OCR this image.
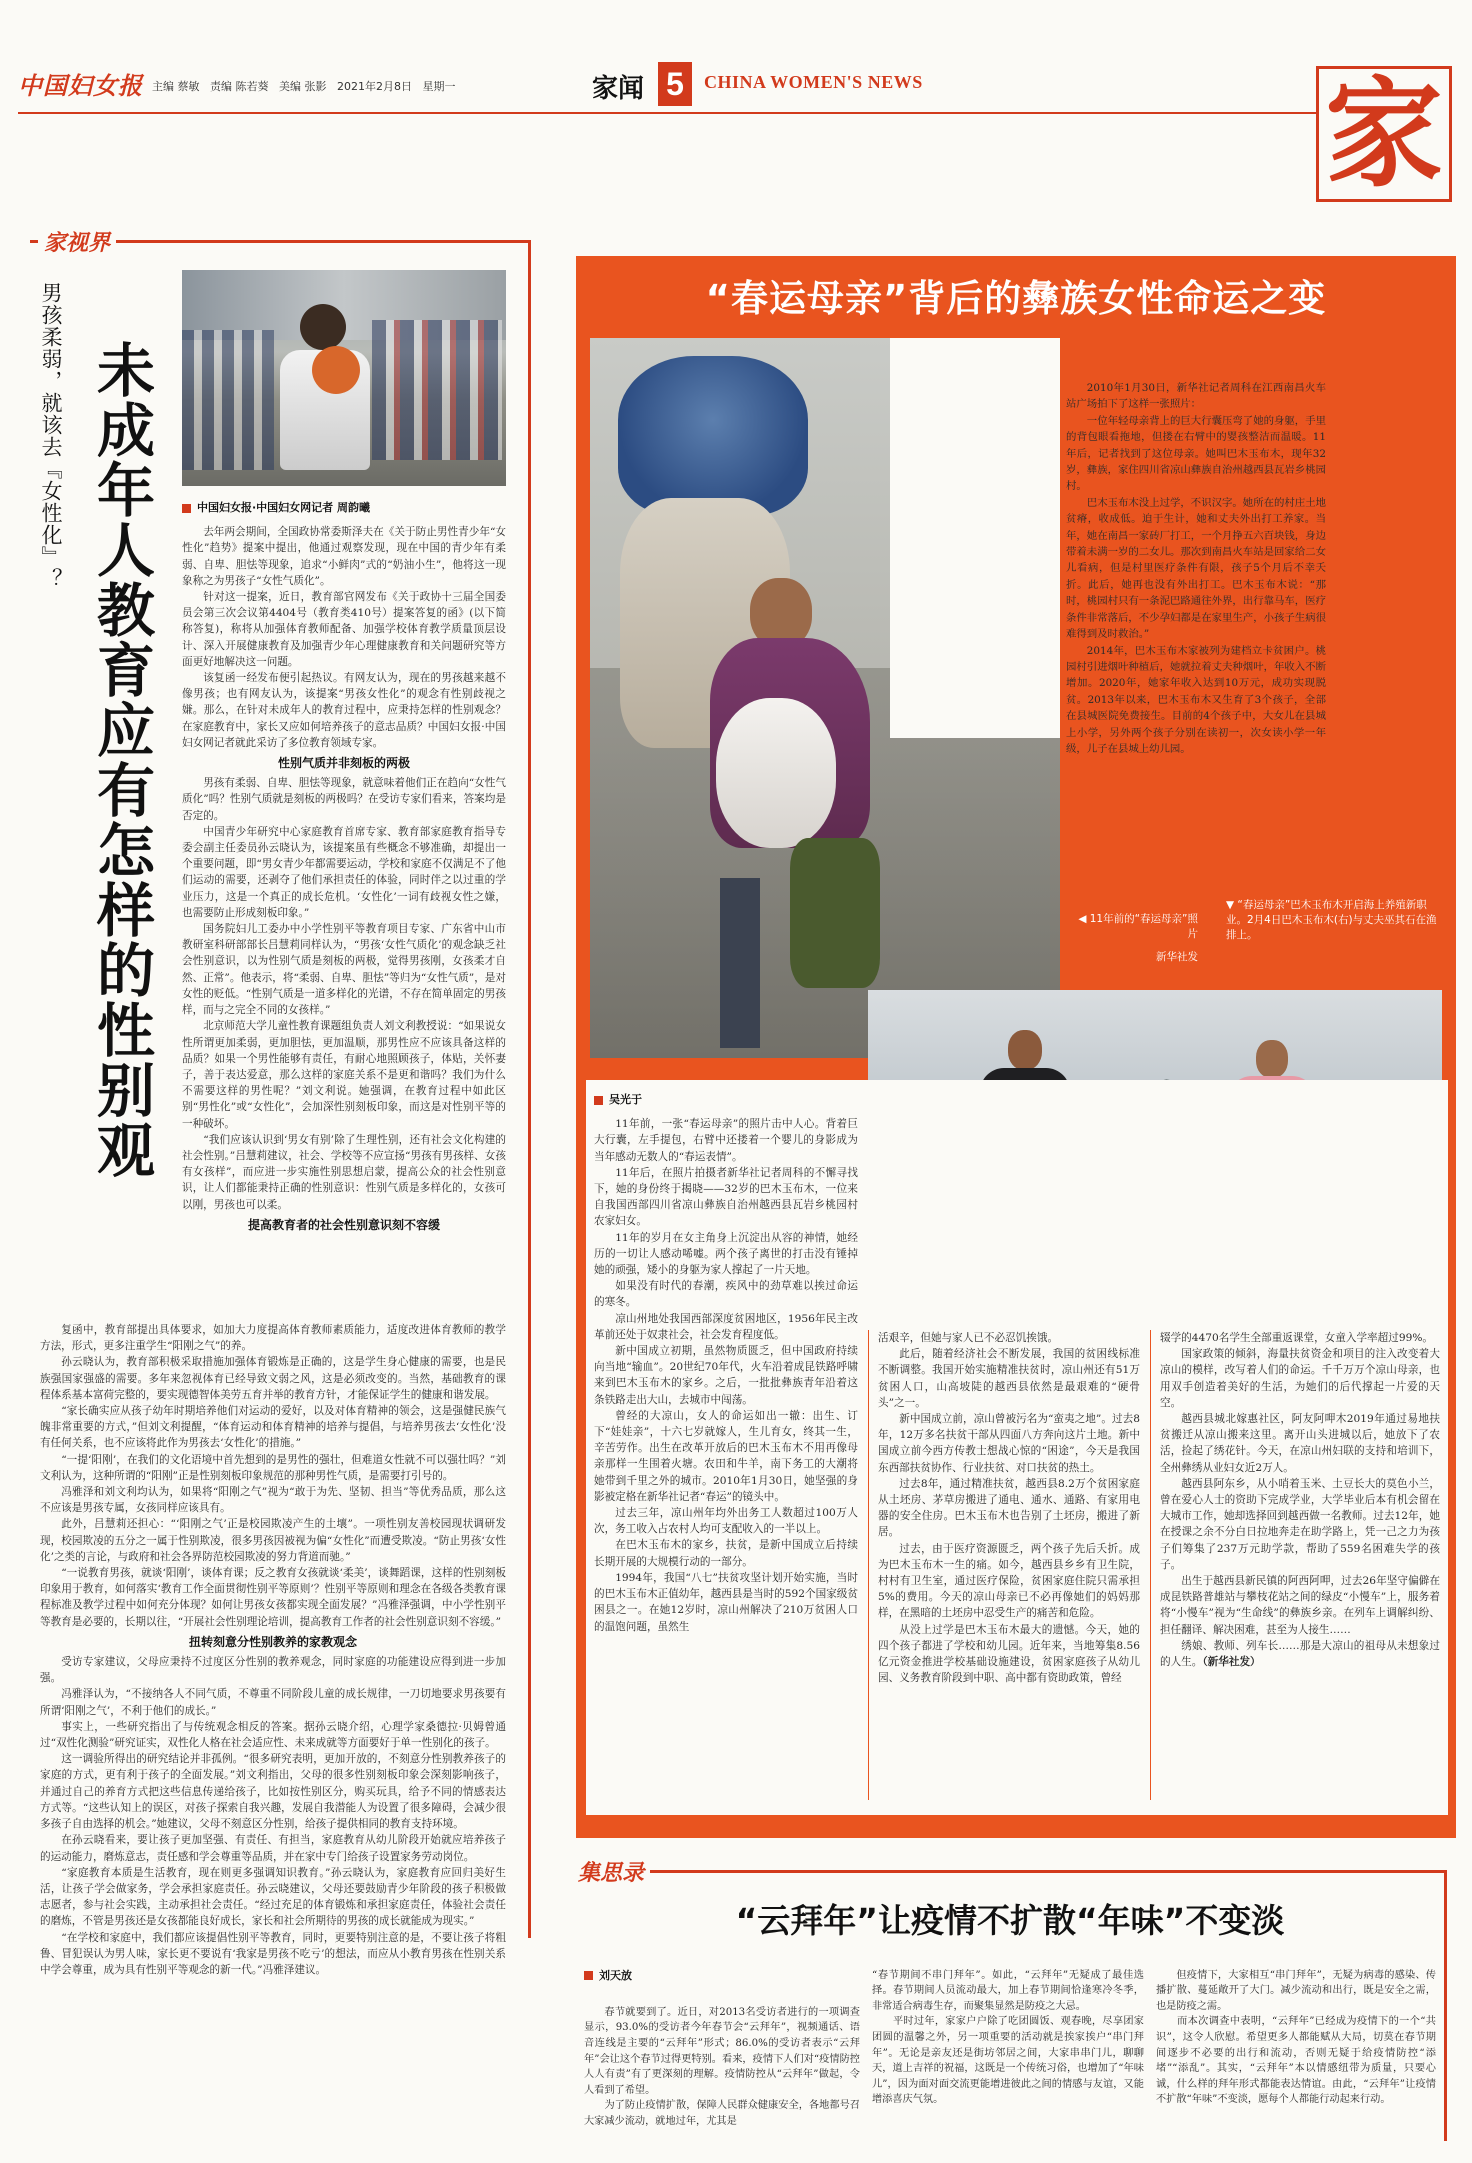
中国妇女报 主编 蔡敏   责编 陈若葵   美编 张影   2021年2月8日   星期一	家闻 5	CHINA WOMEN'S NEWS	家
家视界
男孩柔弱，就该去『女性化』？ 未成年人教育应有怎样的性别观	中国妇女报·中国妇女网记者 周韵曦

去年两会期间，全国政协常委斯泽夫在《关于防止男性青少年“女性化”趋势》提案中提出，他通过观察发现，现在中国的青少年有柔弱、自卑、胆怯等现象，追求“小鲜肉”式的“奶油小生”，他将这一现象称之为男孩子“女性气质化”。

针对这一提案，近日，教育部官网发布《关于政协十三届全国委员会第三次会议第4404号（教育类410号）提案答复的函》(以下简称答复)，称将从加强体育教师配备、加强学校体育教学质量顶层设计、深入开展健康教育及加强青少年心理健康教育和关问题研究等方面更好地解决这一问题。

该复函一经发布便引起热议。有网友认为，现在的男孩越来越不像男孩；也有网友认为，该提案“男孩女性化”的观念有性别歧视之嫌。那么，在针对未成年人的教育过程中，应秉持怎样的性别观念？在家庭教育中，家长又应如何培养孩子的意志品质？中国妇女报·中国妇女网记者就此采访了多位教育领域专家。

性别气质并非刻板的两极

男孩有柔弱、自卑、胆怯等现象，就意味着他们正在趋向“女性气质化”吗？性别气质就是刻板的两极吗？在受访专家们看来，答案均是否定的。

中国青少年研究中心家庭教育首席专家、教育部家庭教育指导专委会副主任委员孙云晓认为，该提案虽有些概念不够准确，却提出一个重要问题，即“男女青少年都需要运动，学校和家庭不仅满足不了他们运动的需要，还剥夺了他们承担责任的体验，同时伴之以过重的学业压力，这是一个真正的成长危机。‘女性化’一词有歧视女性之嫌，也需要防止形成刻板印象。”

国务院妇儿工委办中小学性别平等教育项目专家、广东省中山市教研室科研部部长吕慧莉同样认为，“男孩‘女性气质化’的观念缺乏社会性别意识，以为性别气质是刻板的两极，觉得男孩刚，女孩柔才自然、正常”。他表示，将“柔弱、自卑、胆怯”等归为“女性气质”，是对女性的贬低。“性别气质是一道多样化的光谱，不存在简单固定的男孩样，而与之完全不同的女孩样。”

北京师范大学儿童性教育课题组负责人刘文利教授说：“如果说女性所谓更加柔弱，更加胆怯，更加温顺，那男性应不应该具备这样的品质？如果一个男性能够有责任，有耐心地照顾孩子，体贴，关怀妻子，善于表达爱意，那么这样的家庭关系不是更和谐吗？我们为什么不需要这样的男性呢？”刘文利说。她强调，在教育过程中如此区别“男性化”或“女性化”，会加深性别刻板印象，而这是对性别平等的一种破坏。

“我们应该认识到‘男女有别’除了生理性别，还有社会文化构建的社会性别。”吕慧莉建议，社会、学校等不应宣扬“男孩有男孩样、女孩有女孩样”，而应进一步实施性别思想启蒙，提高公众的社会性别意识，让人们都能秉持正确的性别意识：性别气质是多样化的，女孩可以刚，男孩也可以柔。

提高教育者的社会性别意识刻不容缓

复函中，教育部提出具体要求，如加大力度提高体育教师素质能力，适度改进体育教师的教学方法，形式，更多注重学生“阳刚之气”的养。

孙云晓认为，教育部积极采取措施加强体育锻炼是正确的，这是学生身心健康的需要，也是民族强国家强盛的需要。多年来忽视体育已经导致文弱之风，这是必须改变的。当然，基础教育的课程体系基本富荷完整的，要实现德智体美劳五育并举的教育方针，才能保证学生的健康和谐发展。

“家长确实应从孩子幼年时期培养他们对运动的爱好，以及对体育精神的领会，这是强健民族气魄非常重要的方式，”但刘文利提醒，“体育运动和体育精神的培养与提倡，与培养男孩去‘女性化’没有任何关系，也不应该将此作为男孩去‘女性化’的措施。”

“一提‘阳刚’，在我们的文化语境中首先想到的是男性的强壮，但难道女性就不可以强壮吗？”刘文利认为，这种所谓的“阳刚”正是性别刻板印象规范的那种男性气质，是需要打引号的。

冯雅泽和刘文利均认为，如果将“阳刚之气”视为“敢于为先、坚韧、担当”等优秀品质，那么这不应该是男孩专属，女孩同样应该具有。

此外，吕慧莉还担心：“‘阳刚之气’正是校园欺凌产生的土壤”。一项性别友善校园现状调研发现，校园欺凌的五分之一属于性别欺凌，很多男孩因被视为偏“女性化”而遭受欺凌。“防止男孩‘女性化’之类的言论，与政府和社会各界防范校园欺凌的努力背道而驰。”

“一说教育男孩，就谈‘阳刚’，谈体育课；反之教育女孩就谈‘柔美’，谈舞蹈课，这样的性别刻板印象用于教育，如何落实‘教育工作全面贯彻性别平等原则’？性别平等原则和理念在各级各类教育课程标准及教学过程中如何充分体现？如何让男孩女孩都实现全面发展？”冯雅泽强调，中小学性别平等教育是必要的，长期以往，“开展社会性别理论培训，提高教育工作者的社会性别意识刻不容缓。”

扭转刻意分性别教养的家教观念

受访专家建议，父母应秉持不过度区分性别的教养观念，同时家庭的功能建设应得到进一步加强。

冯雅泽认为，“不接纳各人不同气质，不尊重不同阶段儿童的成长规律，一刀切地要求男孩要有所谓‘阳刚之气’，不利于他们的成长。”

事实上，一些研究指出了与传统观念相反的答案。据孙云晓介绍，心理学家桑德拉·贝姆曾通过“双性化测验”研究证实，双性化人格在社会适应性、未来成就等方面要好于单一性别化的孩子。

这一调验所得出的研究结论并非孤例。“很多研究表明，更加开放的，不刻意分性别教养孩子的家庭的方式，更有利于孩子的全面发展。”刘文利指出，父母的很多性别刻板印象会深刻影响孩子，并通过自己的养育方式把这些信息传递给孩子，比如按性别区分，购买玩具，给予不同的情感表达方式等。“这些认知上的误区，对孩子探索自我兴趣，发展自我潜能人为设置了很多障碍，会减少很多孩子自由选择的机会。”她建议，父母不刻意区分性别，给孩子提供相同的教育支持环境。

在孙云晓看来，要让孩子更加坚强、有责任、有担当，家庭教育从幼儿阶段开始就应培养孩子的运动能力，磨炼意志，责任感和学会尊重等品质，并在家中专门给孩子设置家务劳动岗位。

“家庭教育本质是生活教育，现在则更多强调知识教育。”孙云晓认为，家庭教育应回归美好生活，让孩子学会做家务，学会承担家庭责任。孙云晓建议，父母还要鼓励青少年阶段的孩子积极做志愿者，参与社会实践，主动承担社会责任。“经过充足的体育锻炼和承担家庭责任，体验社会责任的磨炼，不管是男孩还是女孩都能良好成长，家长和社会所期待的男孩的成长就能成为现实。”

“在学校和家庭中，我们都应该提倡性别平等教育，同时，更要特别注意的是，不要让孩子将粗鲁、冒犯误认为男人味，家长更不要说有‘我家是男孩不吃亏’的想法，而应从小教育男孩在性别关系中学会尊重，成为具有性别平等观念的新一代。”冯雅泽建议。

“春运母亲”背后的彝族女性命运之变

2010年1月30日，新华社记者周科在江西南昌火车站广场拍下了这样一张照片：

一位年轻母亲背上的巨大行囊压弯了她的身躯，手里的背包眼看拖地，但搂在右臂中的婴孩整洁而温暖。11年后，记者找到了这位母亲。她叫巴木玉布木，现年32岁，彝族，家住四川省凉山彝族自治州越西县瓦岩乡桃园村。

巴木玉布木没上过学，不识汉字。她所在的村庄土地贫瘠，收成低。迫于生计，她和丈夫外出打工养家。当年，她在南昌一家砖厂打工，一个月挣五六百块钱，身边带着未满一岁的二女儿。那次到南昌火车站是回家给二女儿看病，但是村里医疗条件有限，孩子5个月后不幸夭折。此后，她再也没有外出打工。巴木玉布木说：“那时，桃园村只有一条泥巴路通往外界，出行靠马车，医疗条件非常落后，不少孕妇都是在家里生产，小孩子生病很难得到及时救治。”

2014年，巴木玉布木家被列为建档立卡贫困户。桃园村引进烟叶种植后，她就拉着丈夫种烟叶，年收入不断增加。2020年，她家年收入达到10万元，成功实现脱贫。2013年以来，巴木玉布木又生育了3个孩子，全部在县城医院免费接生。目前的4个孩子中，大女儿在县城上小学，另外两个孩子分别在读初一，次女读小学一年级，儿子在县城上幼儿园。

◀ 11年前的“春运母亲”照片
新华社发
▼ “春运母亲”巴木玉布木开启海上养殖新职业。2月4日巴木玉布木(右)与丈夫巫其石在渔排上。
吴光于

11年前，一张“春运母亲”的照片击中人心。背着巨大行囊，左手提包，右臂中还搂着一个婴儿的身影成为当年感动无数人的“春运表情”。

11年后，在照片拍摄者新华社记者周科的不懈寻找下，她的身份终于揭晓——32岁的巴木玉布木，一位来自我国西部四川省凉山彝族自治州越西县瓦岩乡桃园村农家妇女。

11年的岁月在女主角身上沉淀出从容的神情，她经历的一切让人感动唏嘘。两个孩子离世的打击没有锤掉她的顽强，矮小的身躯为家人撑起了一片天地。

如果没有时代的春潮，疾风中的劲草难以挨过命运的寒冬。

凉山州地处我国西部深度贫困地区，1956年民主改革前还处于奴隶社会，社会发育程度低。

新中国成立初期，虽然物质匮乏，但中国政府持续向当地“输血”。20世纪70年代，火车沿着成昆铁路呼啸来到巴木玉布木的家乡。之后，一批批彝族青年沿着这条铁路走出大山，去城市中闯荡。

曾经的大凉山，女人的命运如出一辙：出生、订下“娃娃亲”，十六七岁就嫁人，生儿育女，终其一生，辛苦劳作。出生在改革开放后的巴木玉布木不用再像母亲那样一生围着火塘。农田和牛羊，南下务工的大潮将她带到千里之外的城市。2010年1月30日，她坚强的身影被定格在新华社记者“春运”的镜头中。

过去三年，凉山州年均外出务工人数超过100万人次，务工收入占农村人均可支配收入的一半以上。

在巴木玉布木的家乡，扶贫，是新中国成立后持续长期开展的大规模行动的一部分。

1994年，我国“八七”扶贫攻坚计划开始实施，当时的巴木玉布木正值幼年，越西县是当时的592个国家级贫困县之一。在她12岁时，凉山州解决了210万贫困人口的温饱问题，虽然生

活艰辛，但她与家人已不必忍饥挨饿。

此后，随着经济社会不断发展，我国的贫困线标准不断调整。我国开始实施精准扶贫时，凉山州还有51万贫困人口，山高坡陡的越西县依然是最艰难的“硬骨头”之一。

新中国成立前，凉山曾被污名为“蛮夷之地”。过去8年，12万多名扶贫干部从四面八方奔向这片土地。新中国成立前今西方传教士想战心惊的“困途”，今天是我国东西部扶贫协作、行业扶贫、对口扶贫的热土。

过去8年，通过精准扶贫，越西县8.2万个贫困家庭从土坯房、茅草房搬进了通电、通水、通路、有家用电器的安全住房。巴木玉布木也告别了土坯房，搬进了新居。

过去，由于医疗资源匮乏，两个孩子先后夭折。成为巴木玉布木一生的痛。如今，越西县乡乡有卫生院，村村有卫生室，通过医疗保险，贫困家庭住院只需承担5%的费用。今天的凉山母亲已不必再像她们的妈妈那样，在黑暗的土坯房中忍受生产的痛苦和危险。

从没上过学是巴木玉布木最大的遗憾。今天，她的四个孩子都进了学校和幼儿园。近年来，当地筹集8.56亿元资金推进学校基础设施建设，贫困家庭孩子从幼儿园、义务教育阶段到中职、高中都有资助政策，曾经

辍学的4470名学生全部重返课堂，女童入学率超过99%。

国家政策的倾斜，海量扶贫资金和项目的注入改变着大凉山的模样，改写着人们的命运。千千万万个凉山母亲，也用双手创造着美好的生活，为她们的后代撑起一片爱的天空。

越西县城北嫁惠社区，阿友阿呷木2019年通过易地扶贫搬迁从凉山搬来这里。离开山头进城以后，她放下了农活，捡起了绣花针。今天，在凉山州妇联的支持和培训下，全州彝绣从业妇女近2万人。

越西县阿东乡，从小哨着玉米、土豆长大的莫色小兰，曾在爱心人士的资助下完成学业，大学毕业后本有机会留在大城市工作，她却选择回到越西做一名教师。过去12年，她在授课之余不分白日拉地奔走在助学路上，凭一己之力为孩子们筹集了237万元助学款，帮助了559名困难失学的孩子。

出生于越西县新民镇的阿西阿呷，过去26年坚守偏僻在成昆铁路普雄站与攀枝花站之间的绿皮“小慢车”上，服务着将“小慢车”视为“生命线”的彝族乡亲。在列车上调解纠纷、担任翻译、解决困难，甚至为人接生……

绣娘、教师、列车长……那是大凉山的祖母从未想象过的人生。（新华社发）

集思录
“云拜年”让疫情不扩散“年味”不变淡

刘天放

春节就要到了。近日，对2013名受访者进行的一项调查显示，93.0%的受访者今年春节会“云拜年”，视频通话、语音连线是主要的“云拜年”形式；86.0%的受访者表示“云拜年”会让这个春节过得更特别。看来，疫情下人们对“疫情防控人人有责”有了更深刻的理解。疫情防控从“云拜年”做起，令人看到了希望。
　　为了防止疫情扩散，保障人民群众健康安全，各地都号召大家减少流动，就地过年，尤其是

“春节期间不串门拜年”。如此，“云拜年”无疑成了最佳选择。春节期间人员流动最大，加上春节期间恰逢寒冷冬季，非常适合病毒生存，而聚集显然是防疫之大忌。
　　平时过年，家家户户除了吃团圆饭、观春晚，尽享团家团圆的温馨之外，另一项重要的活动就是挨家挨户“串门拜年”。无论是亲友还是街坊邻居之间，大家串串门儿，聊聊天，道上吉祥的祝福，这既是一个传统习俗，也增加了“年味儿”，因为面对面交流更能增进彼此之间的情感与友谊，又能增添喜庆气氛。

但疫情下，大家相互“串门拜年”，无疑为病毒的感染、传播扩散、蔓延敞开了大门。减少流动和出行，既是安全之需，也是防疫之需。
　　而本次调查中表明，“云拜年”已经成为疫情下的一个“共识”，这令人欣慰。希望更多人都能赋从大局，切莫在春节期间逐步不必要的出行和流动，否则无疑于给疫情防控“添堵”“添乱”。其实，“云拜年”本以情感纽带为质量，只要心诚，什么样的拜年形式都能表达情谊。由此，“云拜年”让疫情不扩散“年味”不变淡，愿每个人都能行动起来行动。
